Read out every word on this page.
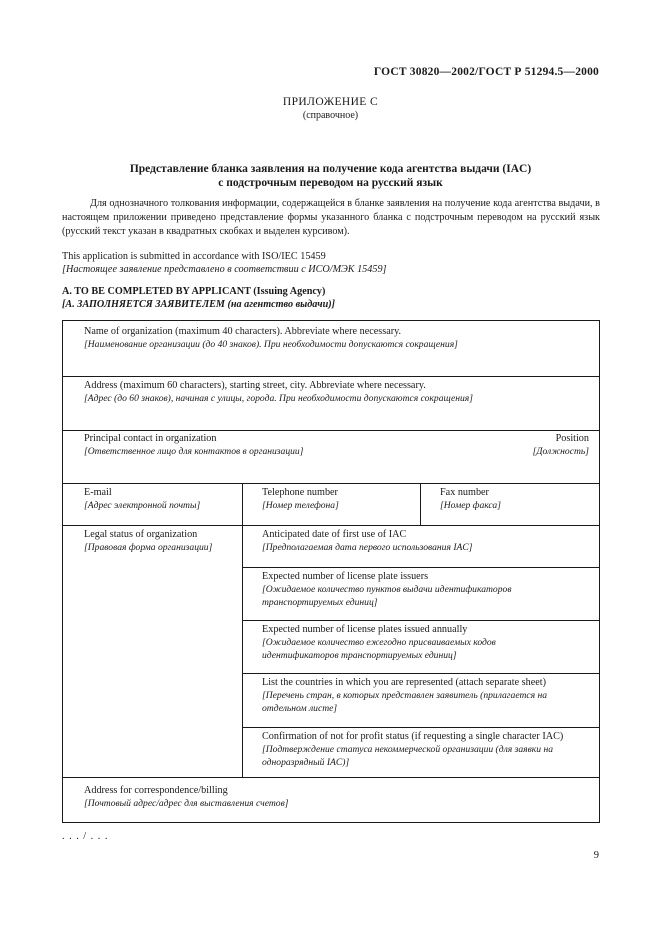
ГОСТ 30820—2002/ГОСТ Р 51294.5—2000
ПРИЛОЖЕНИЕ С
(справочное)
Представление бланка заявления на получение кода агентства выдачи (IAC)
с подстрочным переводом на русский язык
Для однозначного толкования информации, содержащейся в бланке заявления на получение кода агентства выдачи, в настоящем приложении приведено представление формы указанного бланка с подстрочным переводом на русский язык (русский текст указан в квадратных скобках и выделен курсивом).
This application is submitted in accordance with ISO/IEC 15459
[Настоящее заявление представлено в соответствии с ИСО/МЭК 15459]
A. TO BE COMPLETED BY APPLICANT (Issuing Agency)
[A. ЗАПОЛНЯЕТСЯ ЗАЯВИТЕЛЕМ (на агентство выдачи)]
Name of organization (maximum 40 characters). Abbreviate where necessary.
[Наименование организации (до 40 знаков). При необходимости допускаются сокращения]
Address (maximum 60 characters), starting street, city. Abbreviate where necessary.
[Адрес (до 60 знаков), начиная с улицы, города. При необходимости допускаются сокращения]
Principal contact in organization
[Ответственное лицо для контактов в организации]
Position
[Должность]
E-mail
[Адрес электронной почты]
Telephone number
[Номер телефона]
Fax number
[Номер факса]
Legal status of organization
[Правовая форма организации]
Anticipated date of first use of IAC
[Предполагаемая дата первого использования IAC]
Expected number of license plate issuers
[Ожидаемое количество пунктов выдачи идентификаторов
транспортируемых единиц]
Expected number of license plates issued annually
[Ожидаемое количество ежегодно присваиваемых кодов
идентификаторов транспортируемых единиц]
List the countries in which you are represented (attach separate sheet)
[Перечень стран, в которых представлен заявитель (прилагается на
отдельном листе]
Confirmation of not for profit status (if requesting a single character IAC)
[Подтверждение статуса некоммерческой организации (для заявки на
одноразрядный IAC)]
Address for correspondence/billing
[Почтовый адрес/адрес для выставления счетов]
. . . / . . .
9
